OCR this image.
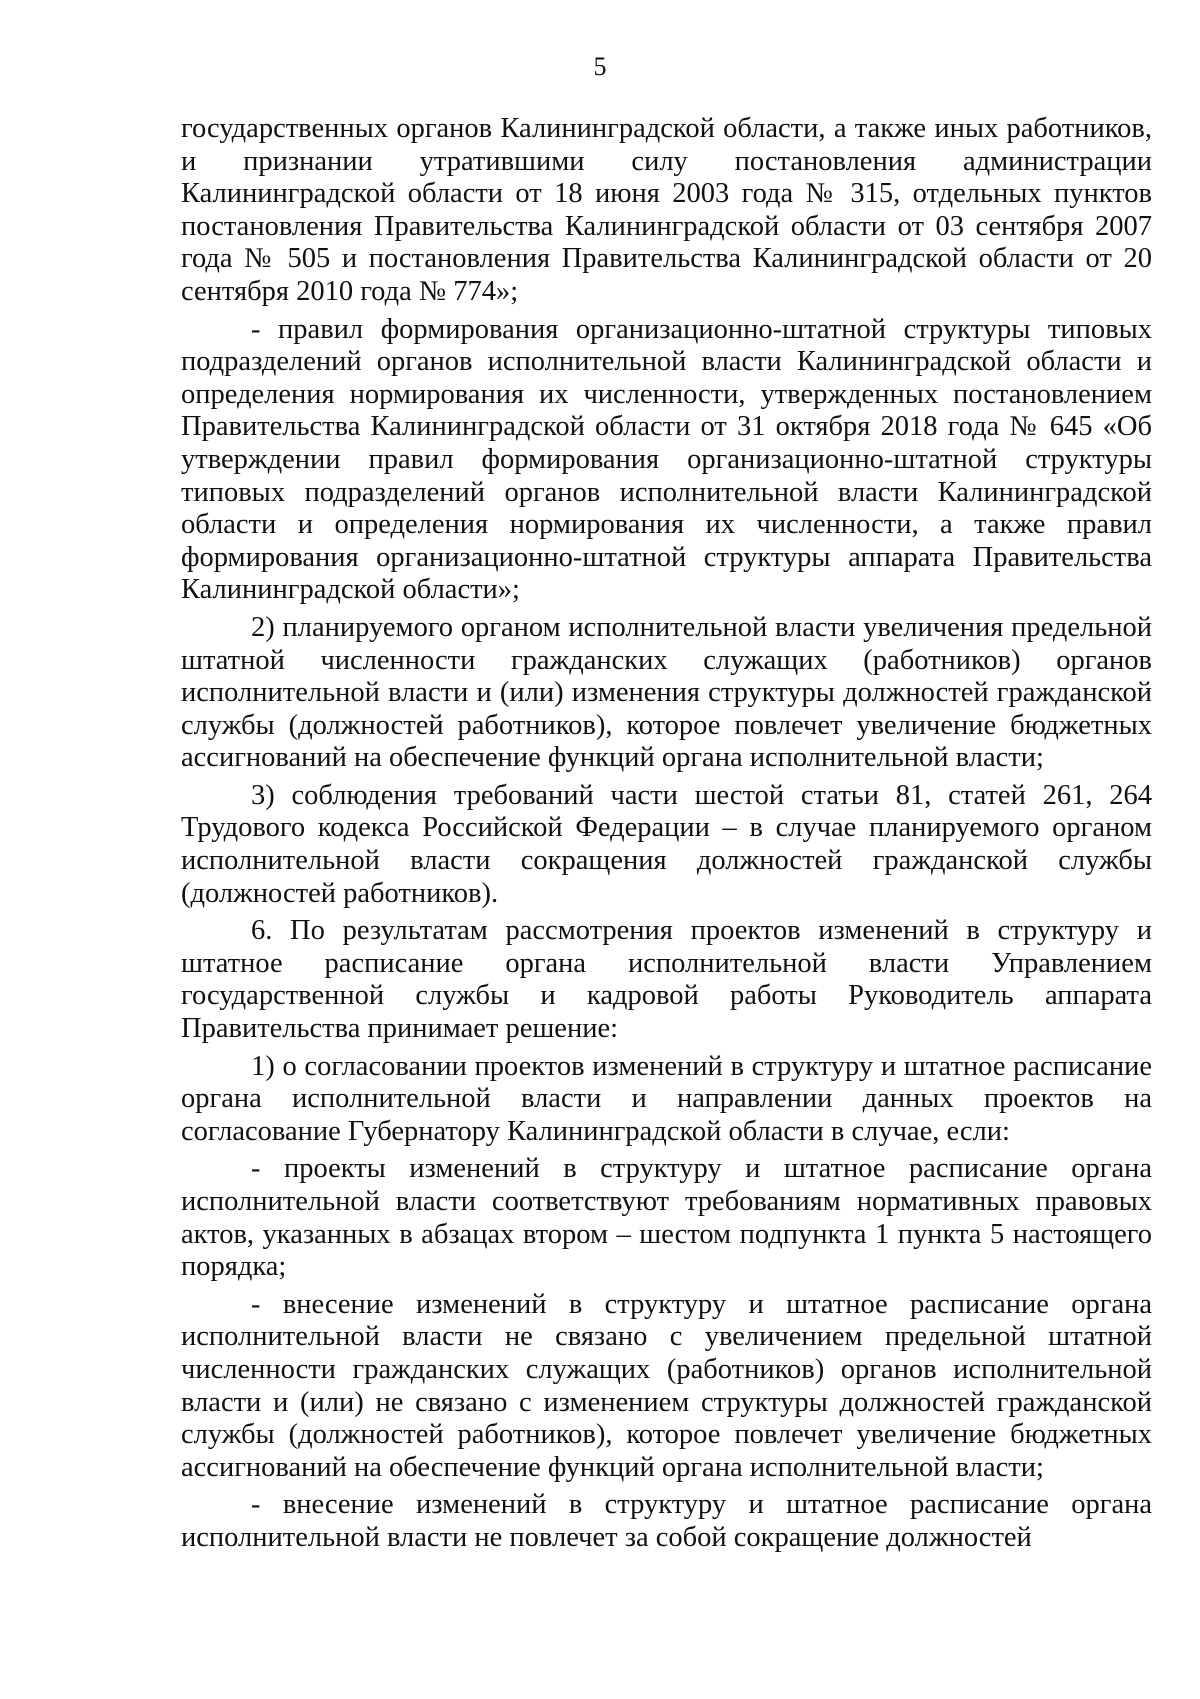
5

государственных органов Калининградской области, а также иных работников, и признании утратившими силу постановления администрации Калининградской области от 18 июня 2003 года № 315, отдельных пунктов постановления Правительства Калининградской области от 03 сентября 2007 года № 505 и постановления Правительства Калининградской области от 20 сентября 2010 года № 774»;

- правил формирования организационно-штатной структуры типовых подразделений органов исполнительной власти Калининградской области и определения нормирования их численности, утвержденных постановлением Правительства Калининградской области от 31 октября 2018 года № 645 «Об утверждении правил формирования организационно-штатной структуры типовых подразделений органов исполнительной власти Калининградской области и определения нормирования их численности, а также правил формирования организационно-штатной структуры аппарата Правительства Калининградской области»;

2) планируемого органом исполнительной власти увеличения предельной штатной численности гражданских служащих (работников) органов исполнительной власти и (или) изменения структуры должностей гражданской службы (должностей работников), которое повлечет увеличение бюджетных ассигнований на обеспечение функций органа исполнительной власти;

3) соблюдения требований части шестой статьи 81, статей 261, 264 Трудового кодекса Российской Федерации – в случае планируемого органом исполнительной власти сокращения должностей гражданской службы (должностей работников).

6. По результатам рассмотрения проектов изменений в структуру и штатное расписание органа исполнительной власти Управлением государственной службы и кадровой работы Руководитель аппарата Правительства принимает решение:

1) о согласовании проектов изменений в структуру и штатное расписание органа исполнительной власти и направлении данных проектов на согласование Губернатору Калининградской области в случае, если:

- проекты изменений в структуру и штатное расписание органа исполнительной власти соответствуют требованиям нормативных правовых актов, указанных в абзацах втором – шестом подпункта 1 пункта 5 настоящего порядка;

- внесение изменений в структуру и штатное расписание органа исполнительной власти не связано с увеличением предельной штатной численности гражданских служащих (работников) органов исполнительной власти и (или) не связано с изменением структуры должностей гражданской службы (должностей работников), которое повлечет увеличение бюджетных ассигнований на обеспечение функций органа исполнительной власти;

- внесение изменений в структуру и штатное расписание органа исполнительной власти не повлечет за собой сокращение должностей
